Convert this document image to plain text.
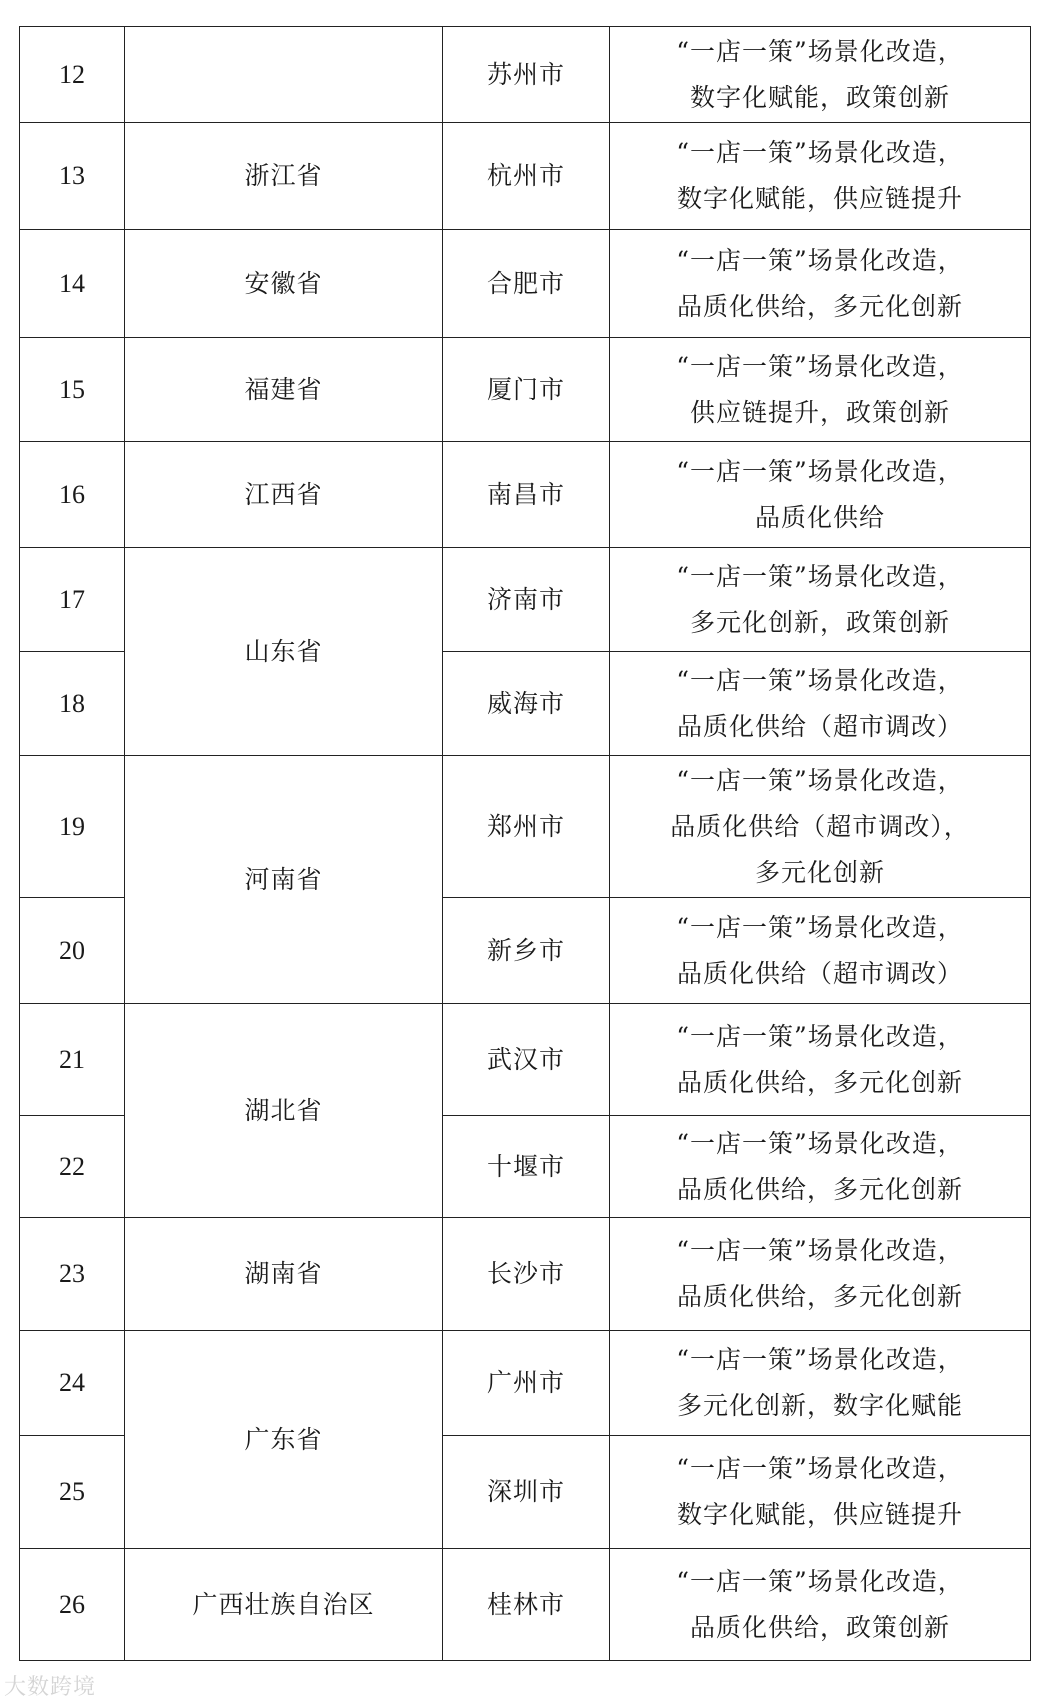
12		苏州市	“一店一策”场景化改造，
数字化赋能，政策创新

13	浙江省	杭州市	“一店一策”场景化改造，
数字化赋能，供应链提升

14	安徽省	合肥市	“一店一策”场景化改造，
品质化供给，多元化创新

15	福建省	厦门市	“一店一策”场景化改造，
供应链提升，政策创新

16	江西省	南昌市	“一店一策”场景化改造，
品质化供给

17	山东省	济南市	“一店一策”场景化改造，
多元化创新，政策创新

18		威海市	“一店一策”场景化改造，
品质化供给（超市调改）

19	河南省	郑州市	“一店一策”场景化改造，
品质化供给（超市调改），
多元化创新

20		新乡市	“一店一策”场景化改造，
品质化供给（超市调改）

21	湖北省	武汉市	“一店一策”场景化改造，
品质化供给，多元化创新

22		十堰市	“一店一策”场景化改造，
品质化供给，多元化创新

23	湖南省	长沙市	“一店一策”场景化改造，
品质化供给，多元化创新

24	广东省	广州市	“一店一策”场景化改造，
多元化创新，数字化赋能

25		深圳市	“一店一策”场景化改造，
数字化赋能，供应链提升

26	广西壮族自治区	桂林市	“一店一策”场景化改造，
品质化供给，政策创新
大数跨境
